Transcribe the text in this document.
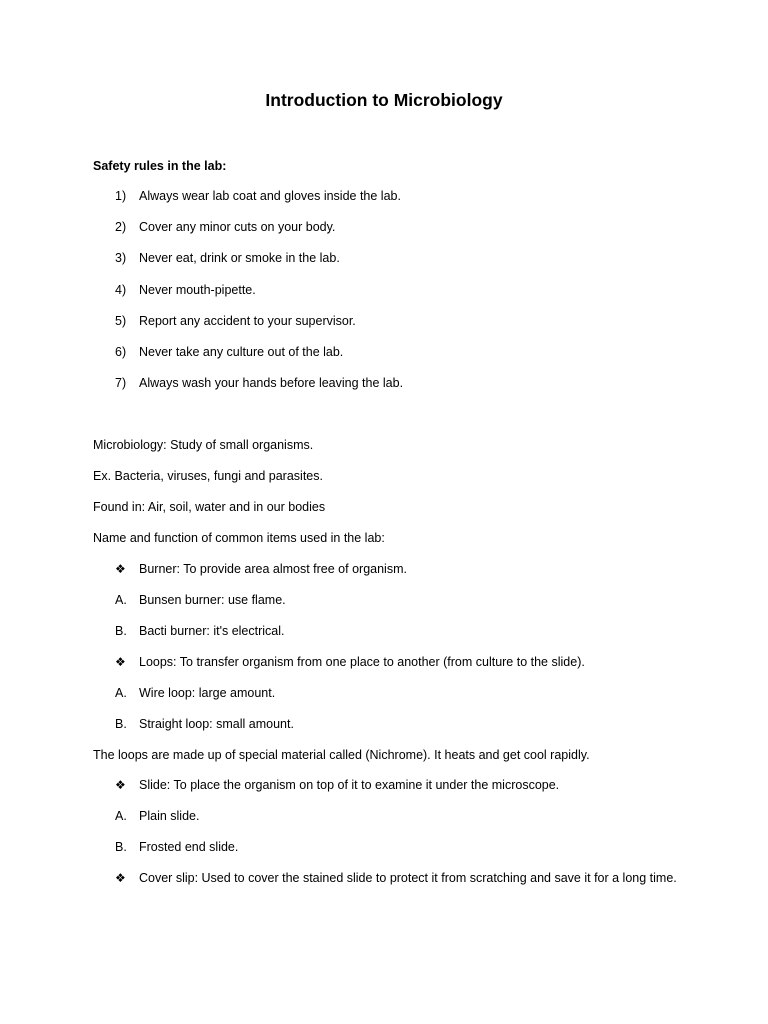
Introduction to Microbiology
Safety rules in the lab:
1) Always wear lab coat and gloves inside the lab.
2) Cover any minor cuts on your body.
3) Never eat, drink or smoke in the lab.
4) Never mouth-pipette.
5) Report any accident to your supervisor.
6) Never take any culture out of the lab.
7) Always wash your hands before leaving the lab.
Microbiology: Study of small organisms.
Ex. Bacteria, viruses, fungi and parasites.
Found in: Air, soil, water and in our bodies
Name and function of common items used in the lab:
❖ Burner: To provide area almost free of organism.
A. Bunsen burner: use flame.
B. Bacti burner: it's electrical.
❖ Loops: To transfer organism from one place to another (from culture to the slide).
A. Wire loop: large amount.
B. Straight loop: small amount.
The loops are made up of special material called (Nichrome). It heats and get cool rapidly.
❖ Slide: To place the organism on top of it to examine it under the microscope.
A. Plain slide.
B. Frosted end slide.
❖ Cover slip: Used to cover the stained slide to protect it from scratching and save it for a long time.
